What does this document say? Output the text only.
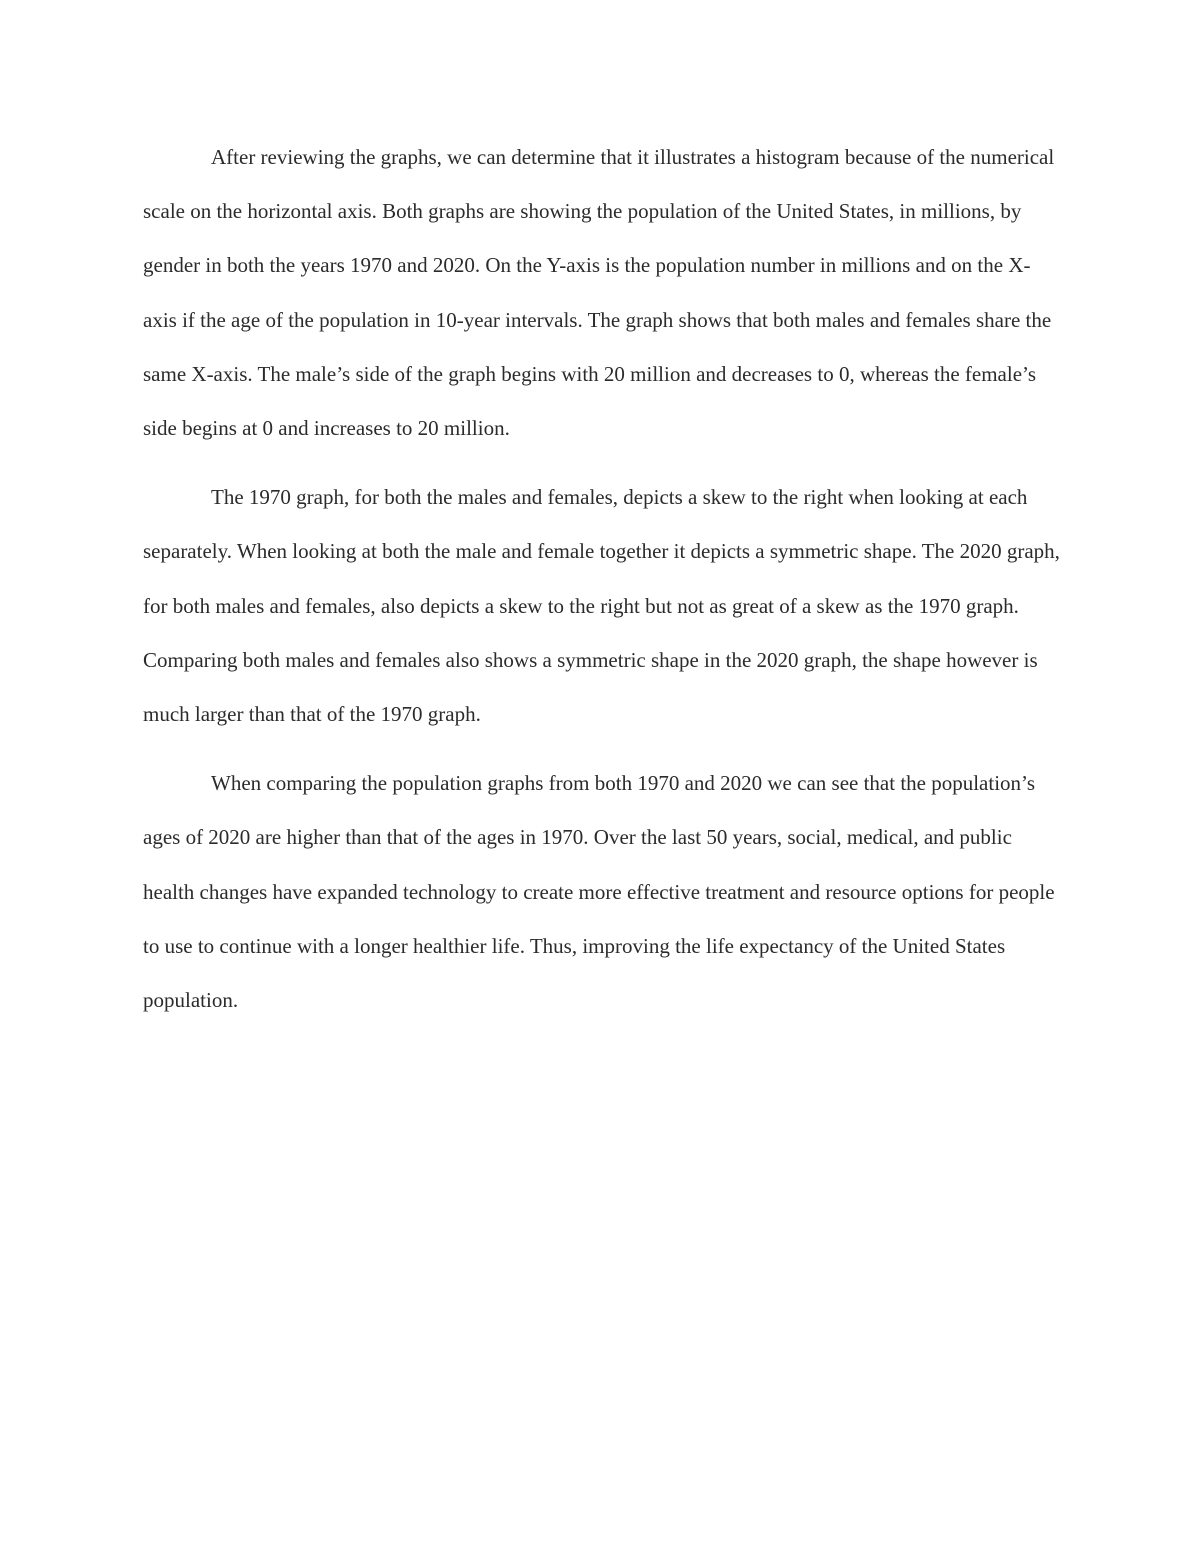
After reviewing the graphs, we can determine that it illustrates a histogram because of the numerical scale on the horizontal axis. Both graphs are showing the population of the United States, in millions, by gender in both the years 1970 and 2020. On the Y-axis is the population number in millions and on the X-axis if the age of the population in 10-year intervals. The graph shows that both males and females share the same X-axis. The male’s side of the graph begins with 20 million and decreases to 0, whereas the female’s side begins at 0 and increases to 20 million.

The 1970 graph, for both the males and females, depicts a skew to the right when looking at each separately. When looking at both the male and female together it depicts a symmetric shape. The 2020 graph, for both males and females, also depicts a skew to the right but not as great of a skew as the 1970 graph. Comparing both males and females also shows a symmetric shape in the 2020 graph, the shape however is much larger than that of the 1970 graph.

When comparing the population graphs from both 1970 and 2020 we can see that the population’s ages of 2020 are higher than that of the ages in 1970. Over the last 50 years, social, medical, and public health changes have expanded technology to create more effective treatment and resource options for people to use to continue with a longer healthier life. Thus, improving the life expectancy of the United States population.
